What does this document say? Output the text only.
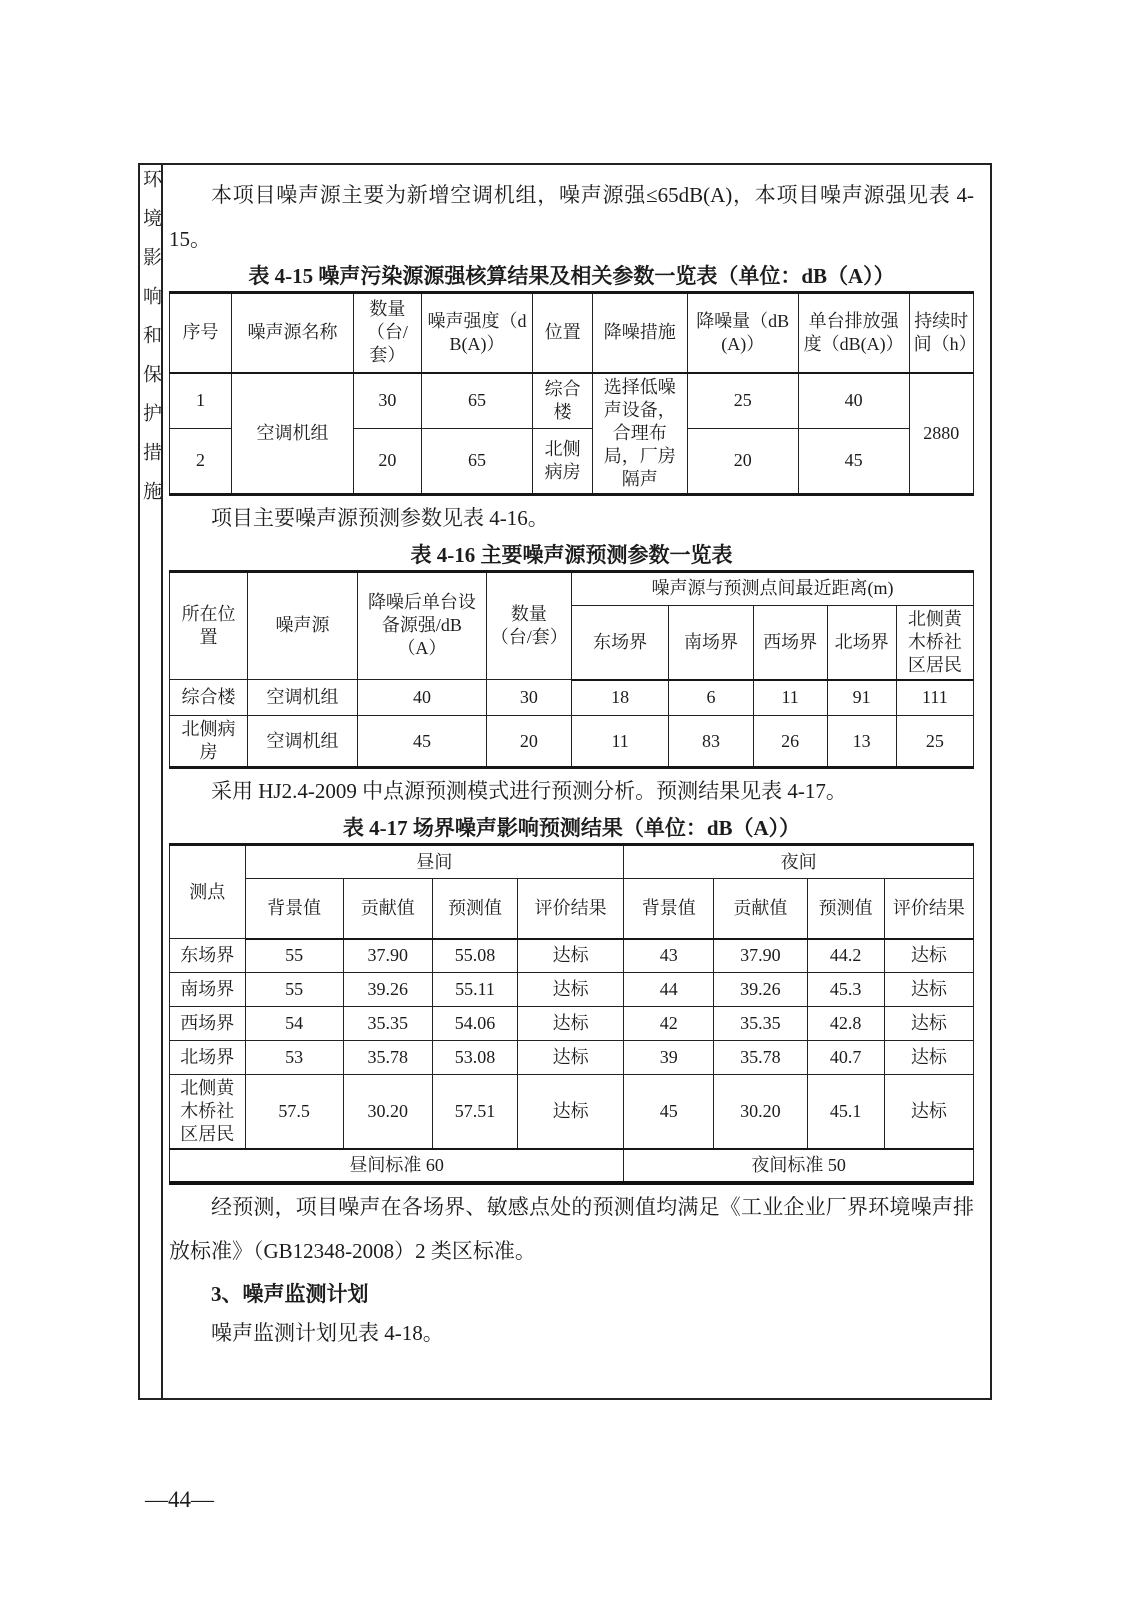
环境影响和保护措施	本项目噪声源主要为新增空调机组，噪声源强≤65dB(A)，本项目噪声源强见表 4-15。

表 4-15 噪声污染源源强核算结果及相关参数一览表（单位：dB（A））

序号	噪声源名称	数量（台/套）	噪声强度（dB(A)）	位置	降噪措施	降噪量（dB(A)）	单台排放强度（dB(A)）	持续时间（h）
1	空调机组	30	65	综合楼	选择低噪声设备，合理布局，厂房隔声	25	40	2880
2		20	65	北侧病房		20	45	

项目主要噪声源预测参数见表 4-16。

表 4-16 主要噪声源预测参数一览表

所在位置	噪声源	降噪后单台设备源强/dB（A）	数量（台/套）	噪声源与预测点间最近距离(m)				
				东场界	南场界	西场界	北场界	北侧黄木桥社区居民
综合楼	空调机组	40	30	18	6	11	91	111
北侧病房	空调机组	45	20	11	83	26	13	25

采用 HJ2.4-2009 中点源预测模式进行预测分析。预测结果见表 4-17。

表 4-17 场界噪声影响预测结果（单位：dB（A））

测点	昼间				夜间			
	背景值	贡献值	预测值	评价结果	背景值	贡献值	预测值	评价结果
东场界	55	37.90	55.08	达标	43	37.90	44.2	达标
南场界	55	39.26	55.11	达标	44	39.26	45.3	达标
西场界	54	35.35	54.06	达标	42	35.35	42.8	达标
北场界	53	35.78	53.08	达标	39	35.78	40.7	达标
北侧黄木桥社区居民	57.5	30.20	57.51	达标	45	30.20	45.1	达标
昼间标准 60					夜间标准 50			

经预测，项目噪声在各场界、敏感点处的预测值均满足《工业企业厂界环境噪声排放标准》（GB12348-2008）2 类区标准。

3、噪声监测计划

噪声监测计划见表 4-18。

—44—
